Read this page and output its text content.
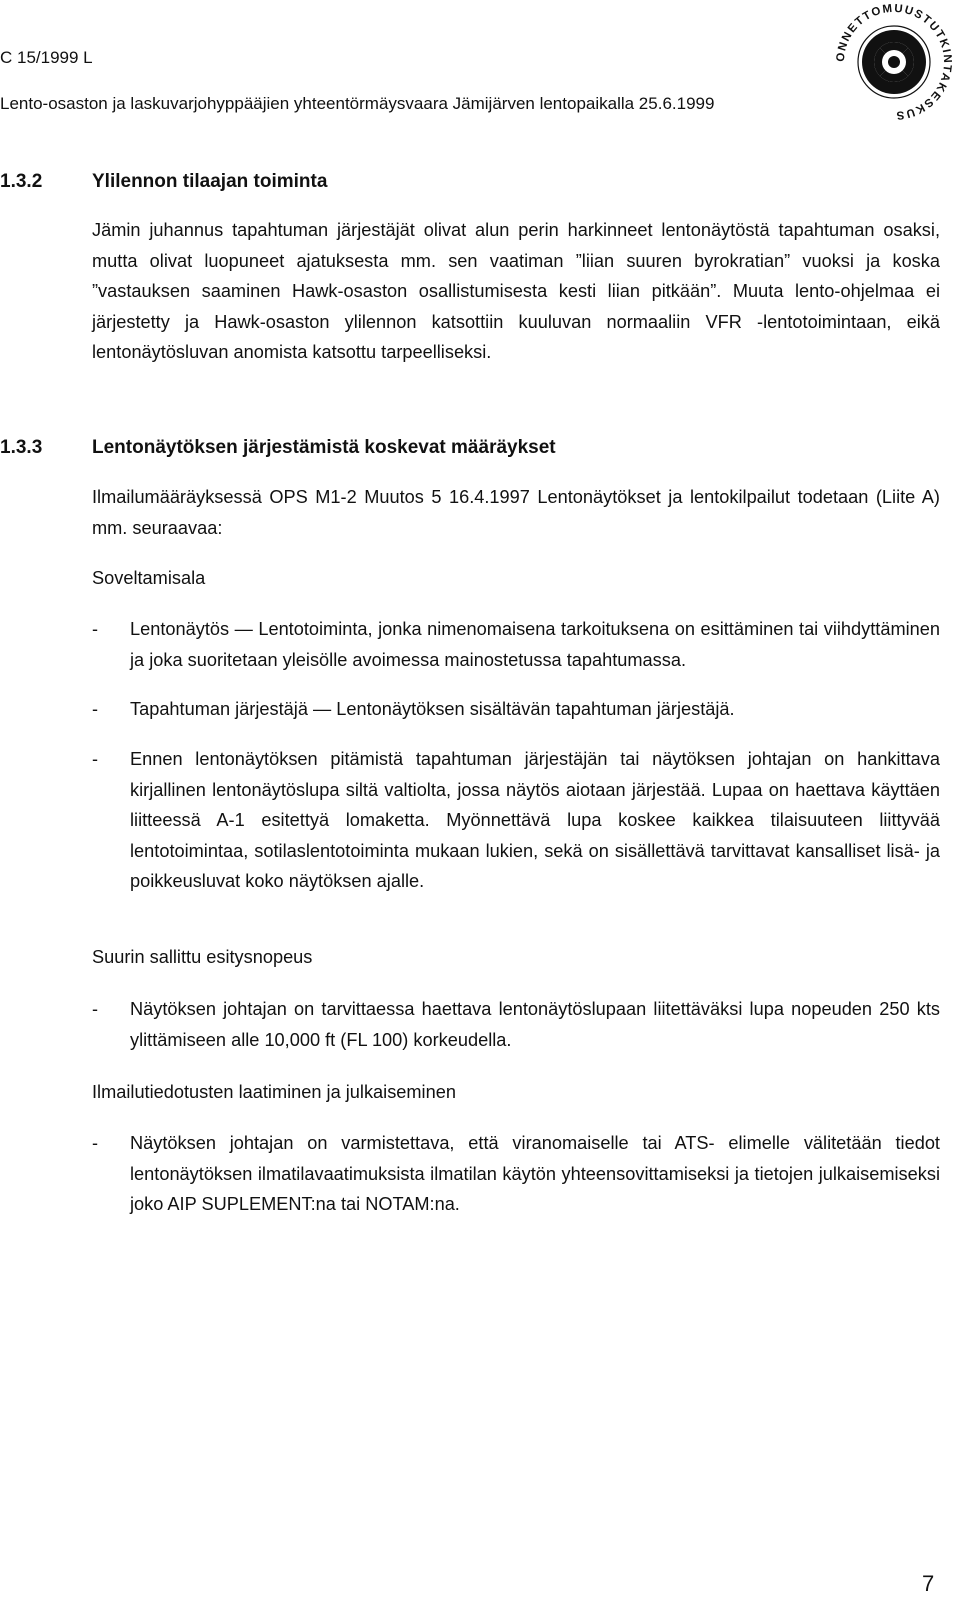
C 15/1999 L
Lento-osaston ja laskuvarjohyppääjien yhteentörmäysvaara Jämijärven lentopaikalla 25.6.1999
ONNETTOMUUSTUTKINTAKESKUS
1.3.2	Ylilennon tilaajan toiminta
Jämin juhannus tapahtuman järjestäjät olivat alun perin harkinneet lentonäytöstä tapahtuman osaksi, mutta olivat luopuneet ajatuksesta mm. sen vaatiman ”liian suuren byrokratian” vuoksi ja koska ”vastauksen saaminen Hawk-osaston osallistumisesta kesti liian pitkään”. Muuta lento-ohjelmaa ei järjestetty ja Hawk-osaston ylilennon katsottiin kuuluvan normaaliin VFR -lentotoimintaan, eikä lentonäytösluvan anomista katsottu tarpeelliseksi.
1.3.3	Lentonäytöksen järjestämistä koskevat määräykset
Ilmailumääräyksessä OPS M1-2 Muutos 5 16.4.1997 Lentonäytökset ja lentokilpailut todetaan (Liite A) mm. seuraavaa:
Soveltamisala
- Lentonäytös — Lentotoiminta, jonka nimenomaisena tarkoituksena on esittäminen tai viihdyttäminen ja joka suoritetaan yleisölle avoimessa mainostetussa tapahtumassa.
- Tapahtuman järjestäjä — Lentonäytöksen sisältävän tapahtuman järjestäjä.
- Ennen lentonäytöksen pitämistä tapahtuman järjestäjän tai näytöksen johtajan on hankittava kirjallinen lentonäytöslupa siltä valtiolta, jossa näytös aiotaan järjestää. Lupaa on haettava käyttäen liitteessä A-1 esitettyä lomaketta. Myönnettävä lupa koskee kaikkea tilaisuuteen liittyvää lentotoimintaa, sotilaslentotoiminta mukaan lukien, sekä on sisällettävä tarvittavat kansalliset lisä- ja poikkeusluvat koko näytöksen ajalle.
Suurin sallittu esitysnopeus
- Näytöksen johtajan on tarvittaessa haettava lentonäytöslupaan liitettäväksi lupa nopeuden 250 kts ylittämiseen alle 10,000 ft (FL 100) korkeudella.
Ilmailutiedotusten laatiminen ja julkaiseminen
- Näytöksen johtajan on varmistettava, että viranomaiselle tai ATS- elimelle välitetään tiedot lentonäytöksen ilmatilavaatimuksista ilmatilan käytön yhteensovittamiseksi ja tietojen julkaisemiseksi joko AIP SUPLEMENT:na tai NOTAM:na.
7
